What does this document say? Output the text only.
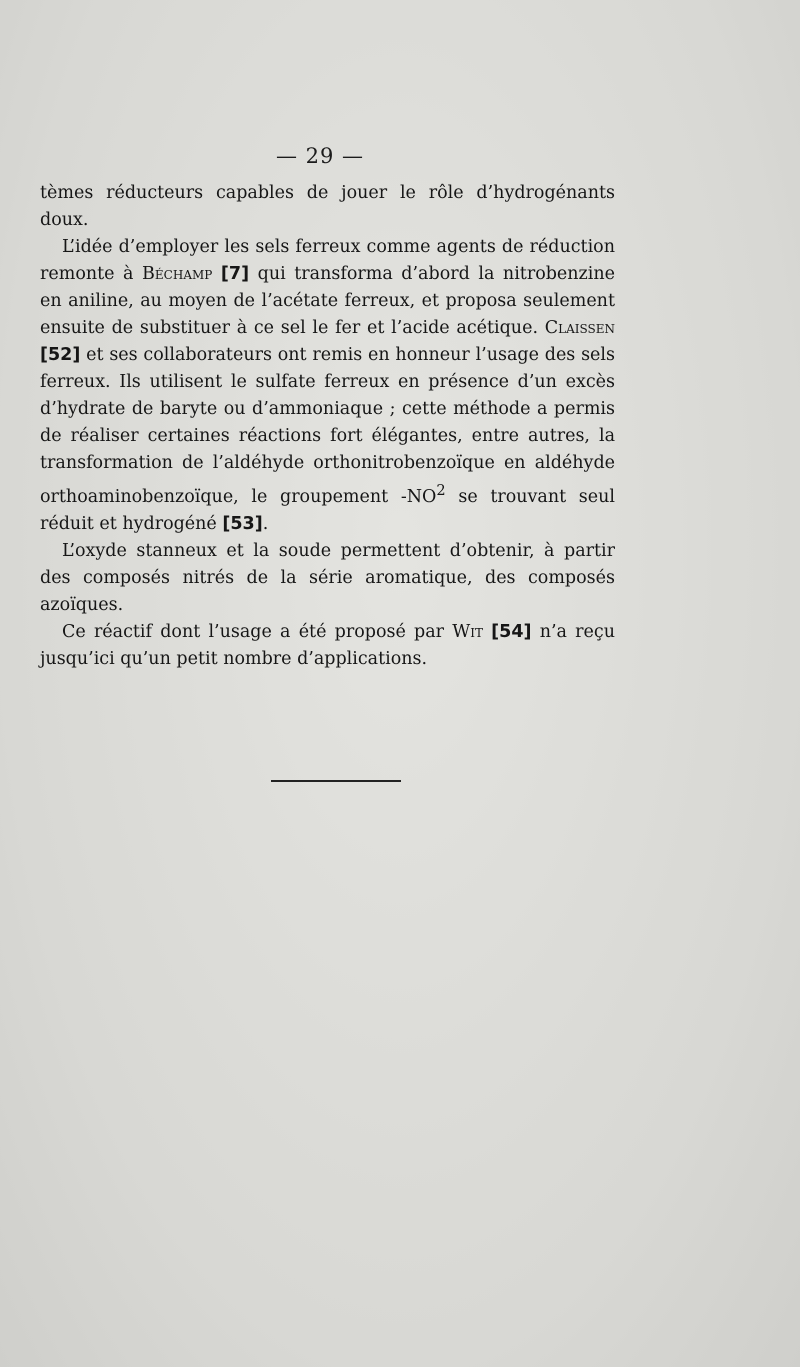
— 29 —

tèmes réducteurs capables de jouer le rôle d’hydrogénants doux.

L’idée d’employer les sels ferreux comme agents de réduction remonte à Béchamp [7] qui transforma d’abord la nitrobenzine en aniline, au moyen de l’acétate ferreux, et proposa seulement ensuite de substituer à ce sel le fer et l’acide acétique. Claissen [52] et ses collaborateurs ont remis en honneur l’usage des sels ferreux. Ils utilisent le sulfate ferreux en présence d’un excès d’hydrate de baryte ou d’ammoniaque ; cette méthode a permis de réaliser certaines réactions fort élégantes, entre autres, la transformation de l’aldéhyde orthonitrobenzoïque en aldéhyde orthoaminobenzoïque, le groupement $-NO^2$ se trouvant seul réduit et hydrogéné [53].

L’oxyde stanneux et la soude permettent d’obtenir, à partir des composés nitrés de la série aromatique, des composés azoïques.

Ce réactif dont l’usage a été proposé par Wit [54] n’a reçu jusqu’ici qu’un petit nombre d’applications.
